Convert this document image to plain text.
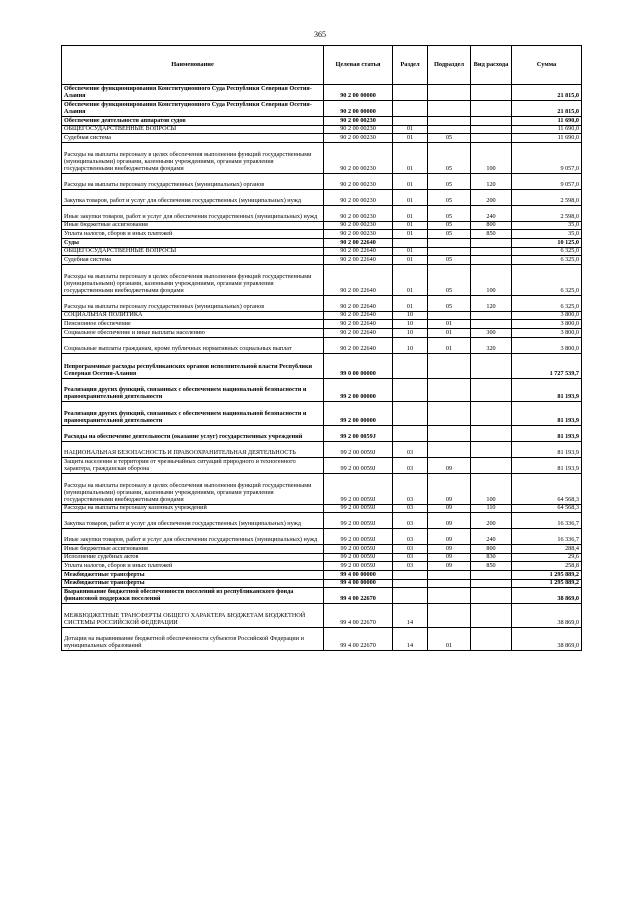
365
Наименование	Целевая статья	Раздел	Подраздел	Вид расхода	Сумма
Обеспечение функционирования Конституционного Суда Республики Северная Осетия-Алания	90 2 00 00000				21 815,0
Обеспечение функционирования Конституционного Суда Республики Северная Осетия-Алания	90 2 00 00000				21 815,0
Обеспечение деятельности аппаратов судов	90 2 00 00230				11 690,0
ОБЩЕГОСУДАРСТВЕННЫЕ ВОПРОСЫ	90 2 00 00230	01			11 690,0
Судебная система	90 2 00 00230	01	05		11 690,0
Расходы на выплаты персоналу в целях обеспечения выполнения функций государственными (муниципальными) органами, казенными учреждениями, органами управления государственными внебюджетными фондами	90 2 00 00230	01	05	100	9 057,0
Расходы на выплаты персоналу государственных (муниципальных) органов	90 2 00 00230	01	05	120	9 057,0
Закупка товаров, работ и услуг для обеспечения государственных (муниципальных) нужд	90 2 00 00230	01	05	200	2 598,0
Иные закупки товаров, работ и услуг для обеспечения государственных (муниципальных) нужд	90 2 00 00230	01	05	240	2 598,0
Иные бюджетные ассигнования	90 2 00 00230	01	05	800	35,0
Уплата налогов, сборов и иных платежей	90 2 00 00230	01	05	850	35,0
Суды	90 2 00 22640				10 125,0
ОБЩЕГОСУДАРСТВЕННЫЕ ВОПРОСЫ	90 2 00 22640	01			6 325,0
Судебная система	90 2 00 22640	01	05		6 325,0
Расходы на выплаты персоналу в целях обеспечения выполнения функций государственными (муниципальными) органами, казенными учреждениями, органами управления государственными внебюджетными фондами	90 2 00 22640	01	05	100	6 325,0
Расходы на выплаты персоналу государственных (муниципальных) органов	90 2 00 22640	01	05	120	6 325,0
СОЦИАЛЬНАЯ ПОЛИТИКА	90 2 00 22640	10			3 800,0
Пенсионное обеспечение	90 2 00 22640	10	01		3 800,0
Социальное обеспечение и иные выплаты населению	90 2 00 22640	10	01	300	3 800,0
Социальные выплаты гражданам, кроме публичных нормативных социальных выплат	90 2 00 22640	10	01	320	3 800,0
Непрограммные расходы республиканских органов исполнительной власти Республики Северная Осетия-Алания	99 0 00 00000				1 727 539,7
Реализация других функций, связанных с обеспечением национальной безопасности и правоохранительной деятельности	99 2 00 00000				81 193,9
Реализация других функций, связанных с обеспечением национальной безопасности и правоохранительной деятельности	99 2 00 00000				81 193,9
Расходы на обеспечение деятельности (оказание услуг) государственных учреждений	99 2 00 0059J				81 193,9
НАЦИОНАЛЬНАЯ БЕЗОПАСНОСТЬ И ПРАВООХРАНИТЕЛЬНАЯ ДЕЯТЕЛЬНОСТЬ	99 2 00 0059J	03			81 193,9
Защита населения и территории от чрезвычайных ситуаций природного и техногенного характера, гражданская оборона	99 2 00 0059J	03	09		81 193,9
Расходы на выплаты персоналу в целях обеспечения выполнения функций государственными (муниципальными) органами, казенными учреждениями, органами управления государственными внебюджетными фондами	99 2 00 0059J	03	09	100	64 568,3
Расходы на выплаты персоналу казенных учреждений	99 2 00 0059J	03	09	110	64 568,3
Закупка товаров, работ и услуг для обеспечения государственных (муниципальных) нужд	99 2 00 0059J	03	09	200	16 336,7
Иные закупки товаров, работ и услуг для обеспечения государственных (муниципальных) нужд	99 2 00 0059J	03	09	240	16 336,7
Иные бюджетные ассигнования	99 2 00 0059J	03	09	800	288,4
Исполнение судебных актов	99 2 00 0059J	03	09	830	29,6
Уплата налогов, сборов и иных платежей	99 2 00 0059J	03	09	850	258,8
Межбюджетные трансферты	99 4 00 00000				1 295 889,2
Межбюджетные трансферты	99 4 00 00000				1 295 889,2
Выравнивание бюджетной обеспеченности поселений из республиканского фонда финансовой поддержки поселений	99 4 00 22670				38 869,0
МЕЖБЮДЖЕТНЫЕ ТРАНСФЕРТЫ ОБЩЕГО ХАРАКТЕРА БЮДЖЕТАМ БЮДЖЕТНОЙ СИСТЕМЫ РОССИЙСКОЙ ФЕДЕРАЦИИ	99 4 00 22670	14			38 869,0
Дотации на выравнивание бюджетной обеспеченности субъектов Российской Федерации и муниципальных образований	99 4 00 22670	14	01		38 869,0
